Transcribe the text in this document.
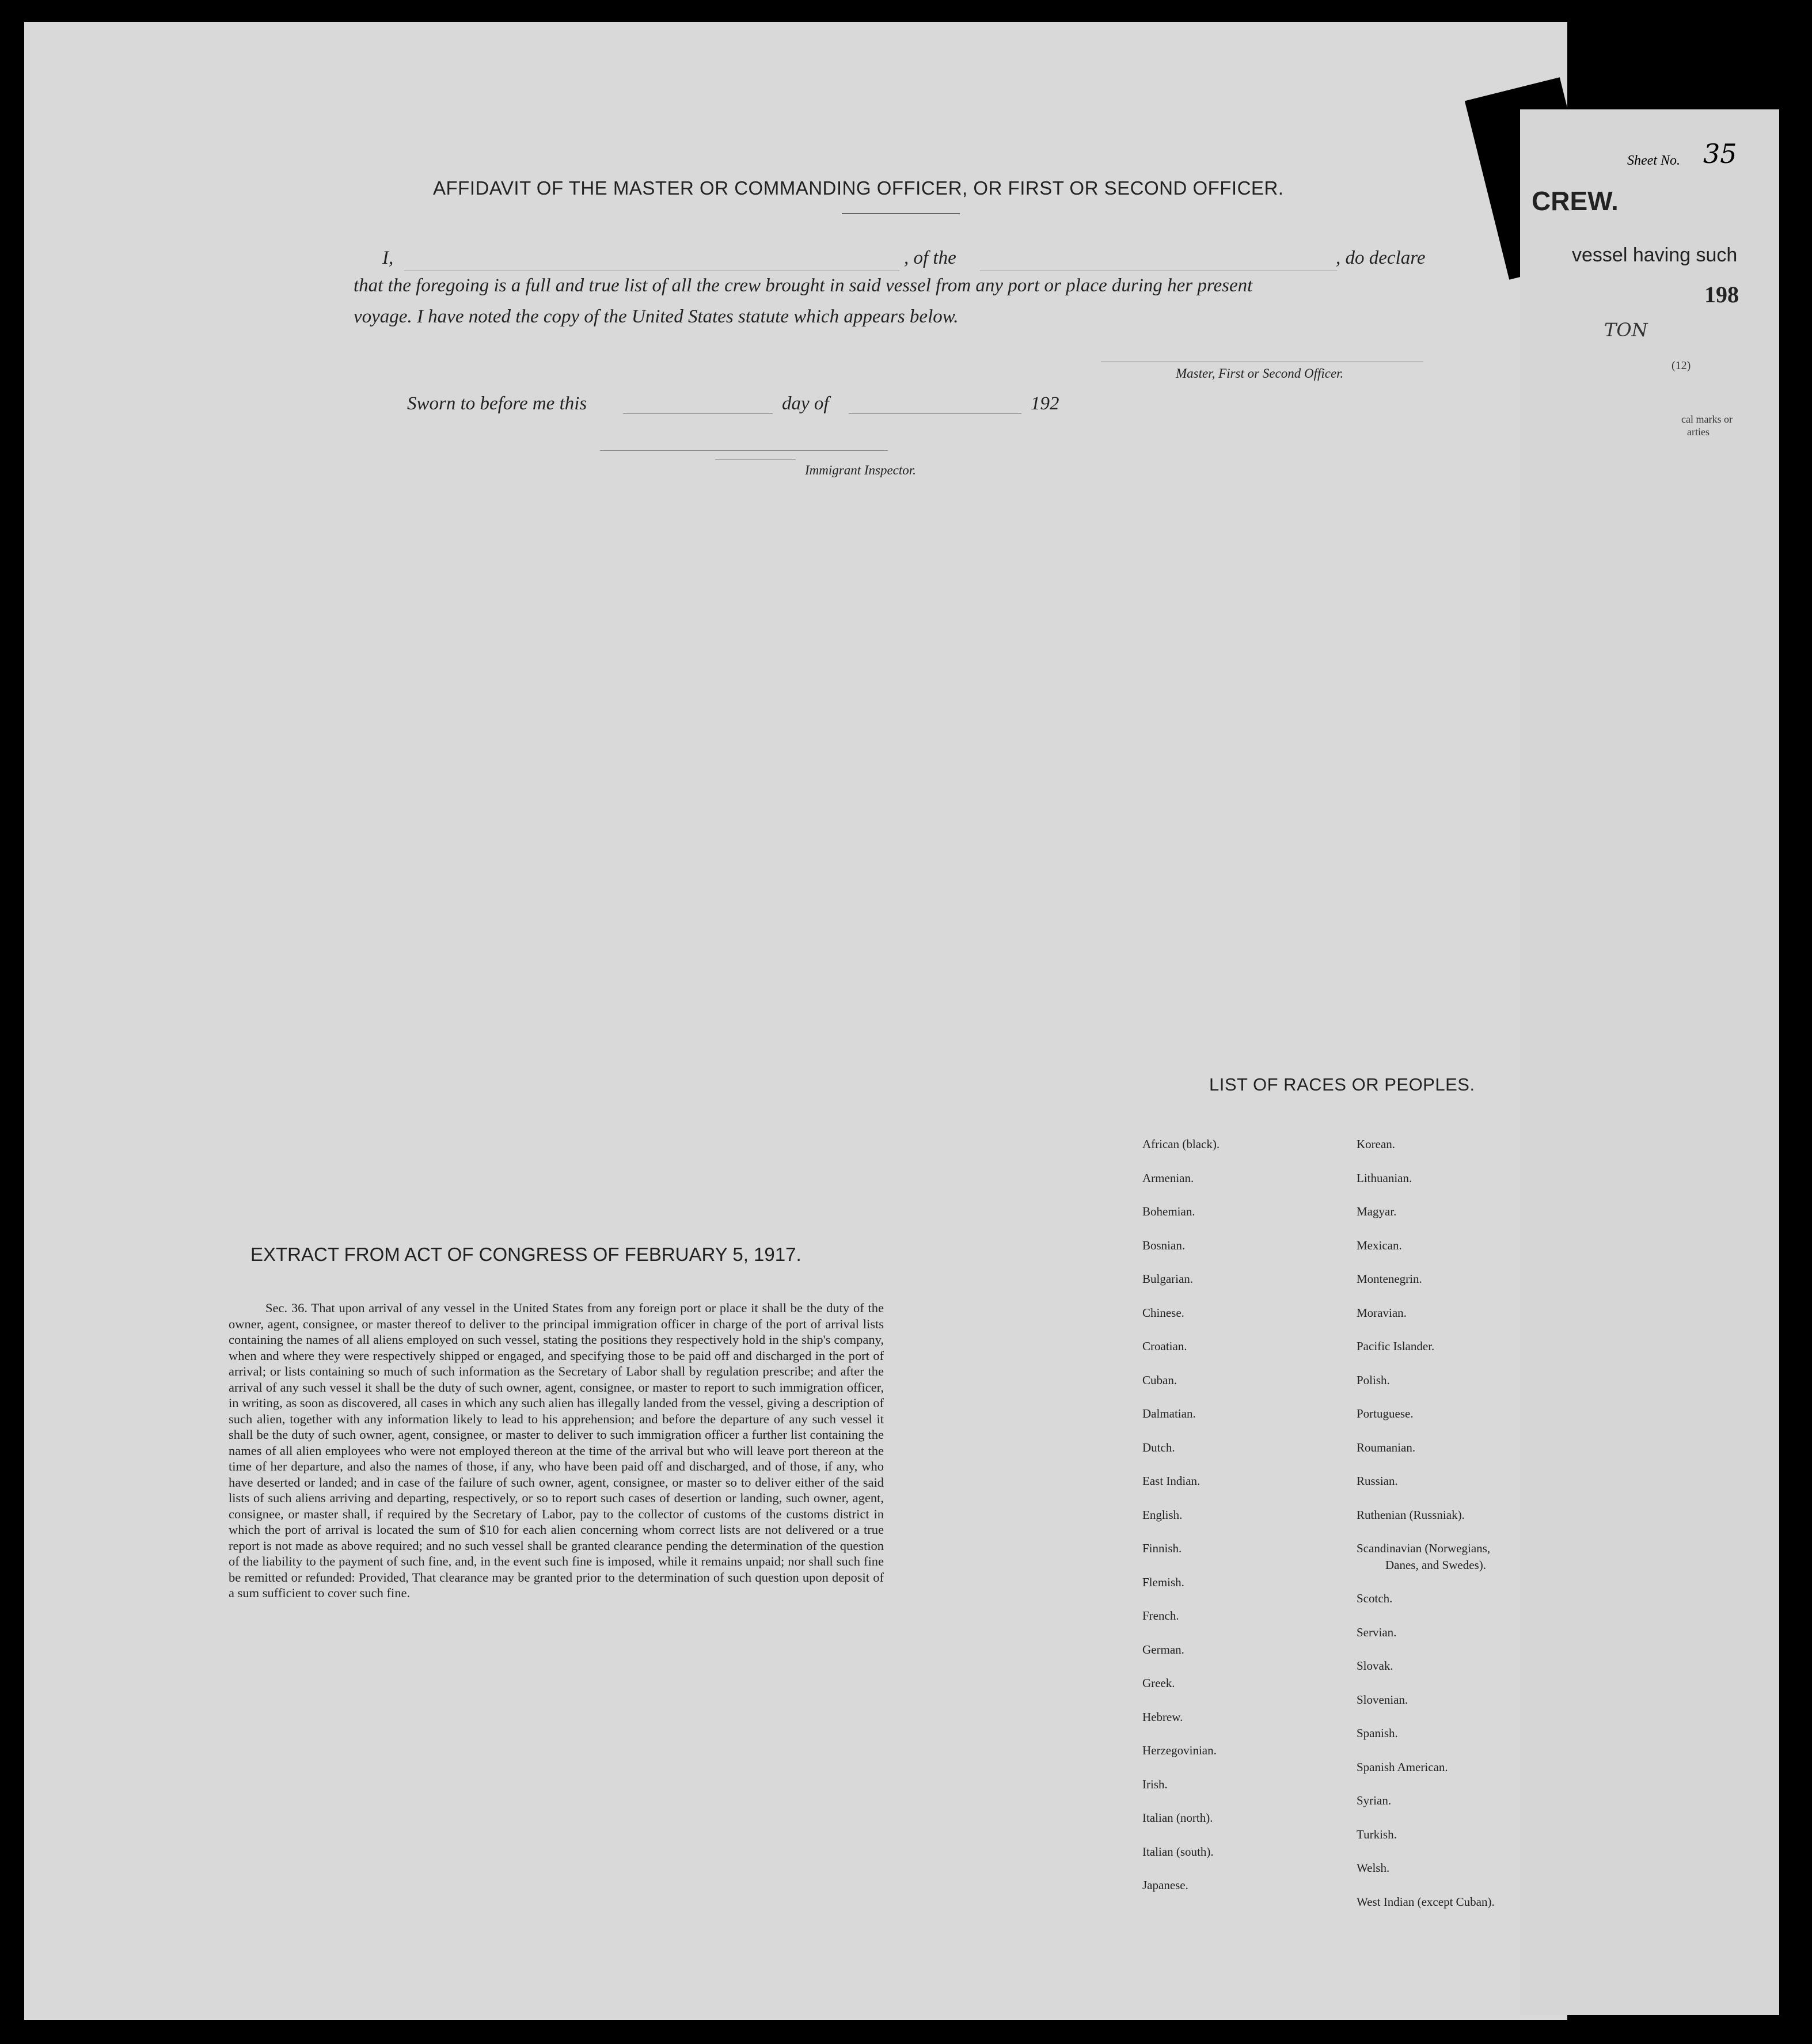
AFFIDAVIT OF THE MASTER OR COMMANDING OFFICER, OR FIRST OR SECOND OFFICER.
I,	, of the	, do declare
that the foregoing is a full and true list of all the crew brought in said vessel from any port or place during her present
voyage. I have noted the copy of the United States statute which appears below.
Master, First or Second Officer.
Sworn to before me this	day of	192
Immigrant Inspector.
EXTRACT FROM ACT OF CONGRESS OF FEBRUARY 5, 1917.
Sec. 36. That upon arrival of any vessel in the United States from any foreign port or place it shall be the duty of the owner, agent, consignee, or master thereof to deliver to the principal immigration officer in charge of the port of arrival lists containing the names of all aliens employed on such vessel, stating the positions they respectively hold in the ship's company, when and where they were respectively shipped or engaged, and specifying those to be paid off and discharged in the port of arrival; or lists containing so much of such information as the Secretary of Labor shall by regulation prescribe; and after the arrival of any such vessel it shall be the duty of such owner, agent, consignee, or master to report to such immigration officer, in writing, as soon as discovered, all cases in which any such alien has illegally landed from the vessel, giving a description of such alien, together with any information likely to lead to his apprehension; and before the departure of any such vessel it shall be the duty of such owner, agent, consignee, or master to deliver to such immigration officer a further list containing the names of all alien employees who were not employed thereon at the time of the arrival but who will leave port thereon at the time of her departure, and also the names of those, if any, who have been paid off and discharged, and of those, if any, who have deserted or landed; and in case of the failure of such owner, agent, consignee, or master so to deliver either of the said lists of such aliens arriving and departing, respectively, or so to report such cases of desertion or landing, such owner, agent, consignee, or master shall, if required by the Secretary of Labor, pay to the collector of customs of the customs district in which the port of arrival is located the sum of $10 for each alien concerning whom correct lists are not delivered or a true report is not made as above required; and no such vessel shall be granted clearance pending the determination of the question of the liability to the payment of such fine, and, in the event such fine is imposed, while it remains unpaid; nor shall such fine be remitted or refunded: Provided, That clearance may be granted prior to the determination of such question upon deposit of a sum sufficient to cover such fine.
LIST OF RACES OR PEOPLES.
African (black).
Armenian.
Bohemian.
Bosnian.
Bulgarian.
Chinese.
Croatian.
Cuban.
Dalmatian.
Dutch.
East Indian.
English.
Finnish.
Flemish.
French.
German.
Greek.
Hebrew.
Herzegovinian.
Irish.
Italian (north).
Italian (south).
Japanese.
Korean.
Lithuanian.
Magyar.
Mexican.
Montenegrin.
Moravian.
Pacific Islander.
Polish.
Portuguese.
Roumanian.
Russian.
Ruthenian (Russniak).
Scandinavian (Norwegians,
Danes, and Swedes).
Scotch.
Servian.
Slovak.
Slovenian.
Spanish.
Spanish American.
Syrian.
Turkish.
Welsh.
West Indian (except Cuban).
Sheet No. 35
CREW.
vessel having such
198
TON
(12)
cal marks or
arties
